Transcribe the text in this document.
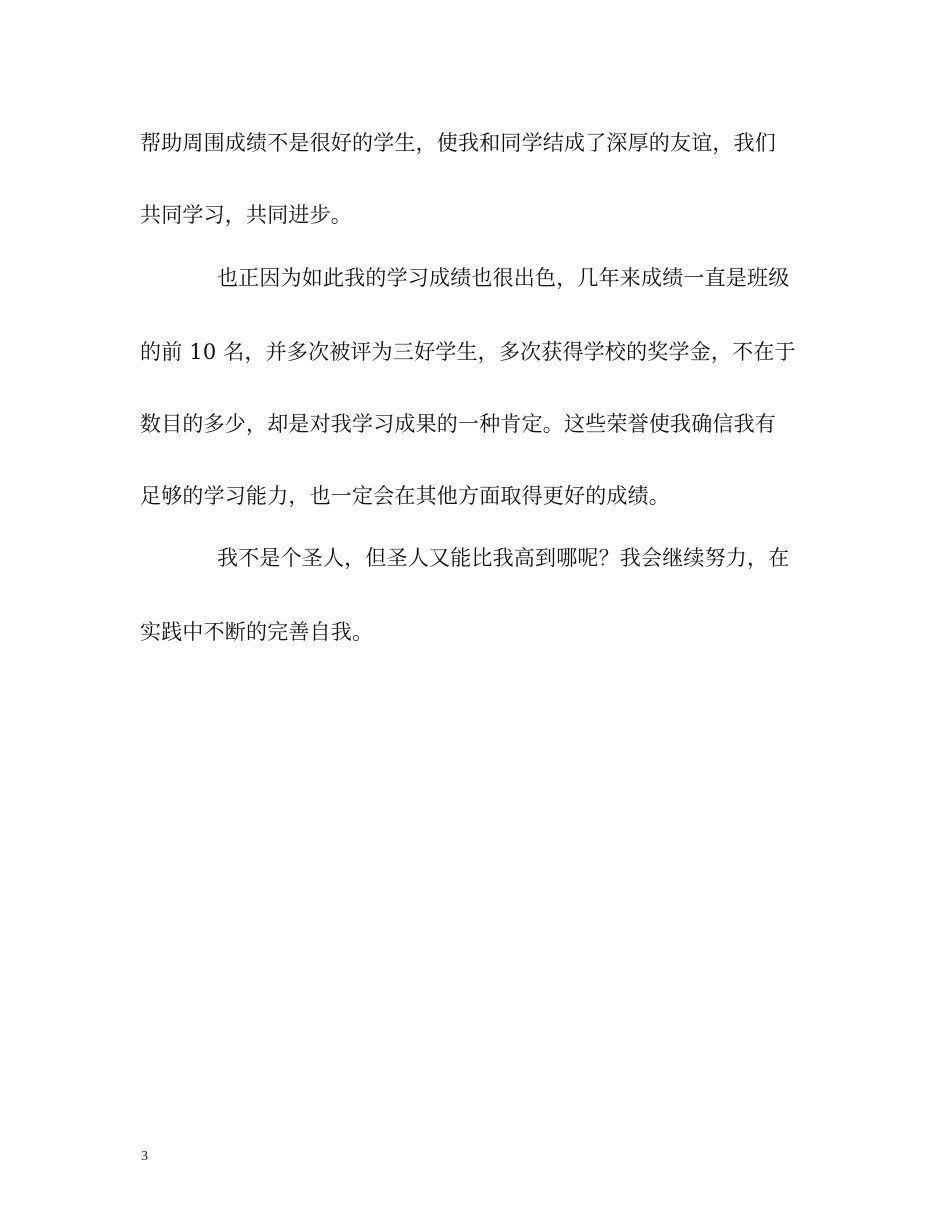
帮助周围成绩不是很好的学生，使我和同学结成了深厚的友谊，我们
共同学习，共同进步。
也正因为如此我的学习成绩也很出色，几年来成绩一直是班级
的前 10 名，并多次被评为三好学生，多次获得学校的奖学金，不在于
数目的多少，却是对我学习成果的一种肯定。这些荣誉使我确信我有
足够的学习能力，也一定会在其他方面取得更好的成绩。
我不是个圣人，但圣人又能比我高到哪呢？我会继续努力，在
实践中不断的完善自我。
3
